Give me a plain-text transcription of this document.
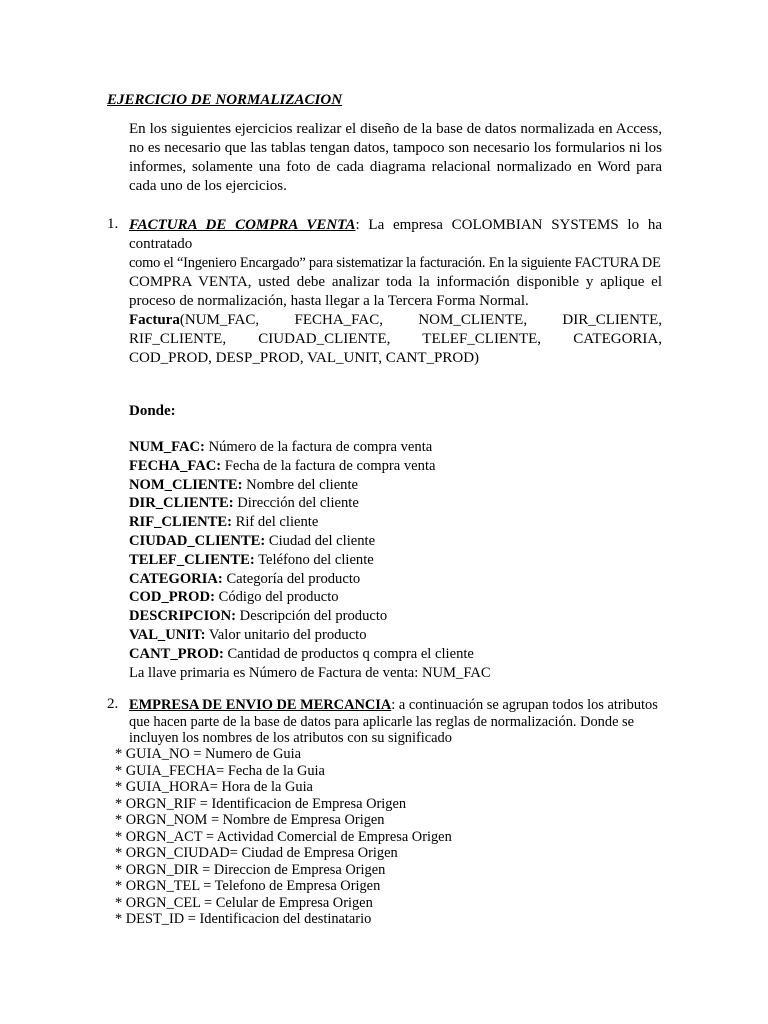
EJERCICIO DE NORMALIZACION
En los siguientes ejercicios realizar el diseño de la base de datos normalizada en Access, no es necesario que las tablas tengan datos, tampoco son necesario los formularios ni los informes, solamente una foto de cada diagrama relacional normalizado en Word para cada uno de los ejercicios.
1. FACTURA DE COMPRA VENTA: La empresa COLOMBIAN SYSTEMS lo ha contratado
como el “Ingeniero Encargado” para sistematizar la facturación. En la siguiente FACTURA DE
COMPRA VENTA, usted debe analizar toda la información disponible y aplique el proceso de normalización, hasta llegar a la Tercera Forma Normal.
Factura(NUM_FAC, FECHA_FAC, NOM_CLIENTE, DIR_CLIENTE, RIF_CLIENTE, CIUDAD_CLIENTE, TELEF_CLIENTE, CATEGORIA, COD_PROD, DESP_PROD, VAL_UNIT, CANT_PROD)
Donde:
NUM_FAC: Número de la factura de compra venta
FECHA_FAC: Fecha de la factura de compra venta
NOM_CLIENTE: Nombre del cliente
DIR_CLIENTE: Dirección del cliente
RIF_CLIENTE: Rif del cliente
CIUDAD_CLIENTE: Ciudad del cliente
TELEF_CLIENTE: Teléfono del cliente
CATEGORIA: Categoría del producto
COD_PROD: Código del producto
DESCRIPCION: Descripción del producto
VAL_UNIT: Valor unitario del producto
CANT_PROD: Cantidad de productos q compra el cliente
La llave primaria es Número de Factura de venta: NUM_FAC
2. EMPRESA DE ENVIO DE MERCANCIA: a continuación se agrupan todos los atributos que hacen parte de la base de datos para aplicarle las reglas de normalización. Donde se incluyen los nombres de los atributos con su significado
* GUIA_NO = Numero de Guia
* GUIA_FECHA= Fecha de la Guia
* GUIA_HORA= Hora de la Guia
* ORGN_RIF = Identificacion de Empresa Origen
* ORGN_NOM = Nombre de Empresa Origen
* ORGN_ACT = Actividad Comercial de Empresa Origen
* ORGN_CIUDAD= Ciudad de Empresa Origen
* ORGN_DIR = Direccion de Empresa Origen
* ORGN_TEL = Telefono de Empresa Origen
* ORGN_CEL = Celular de Empresa Origen
* DEST_ID = Identificacion del destinatario
